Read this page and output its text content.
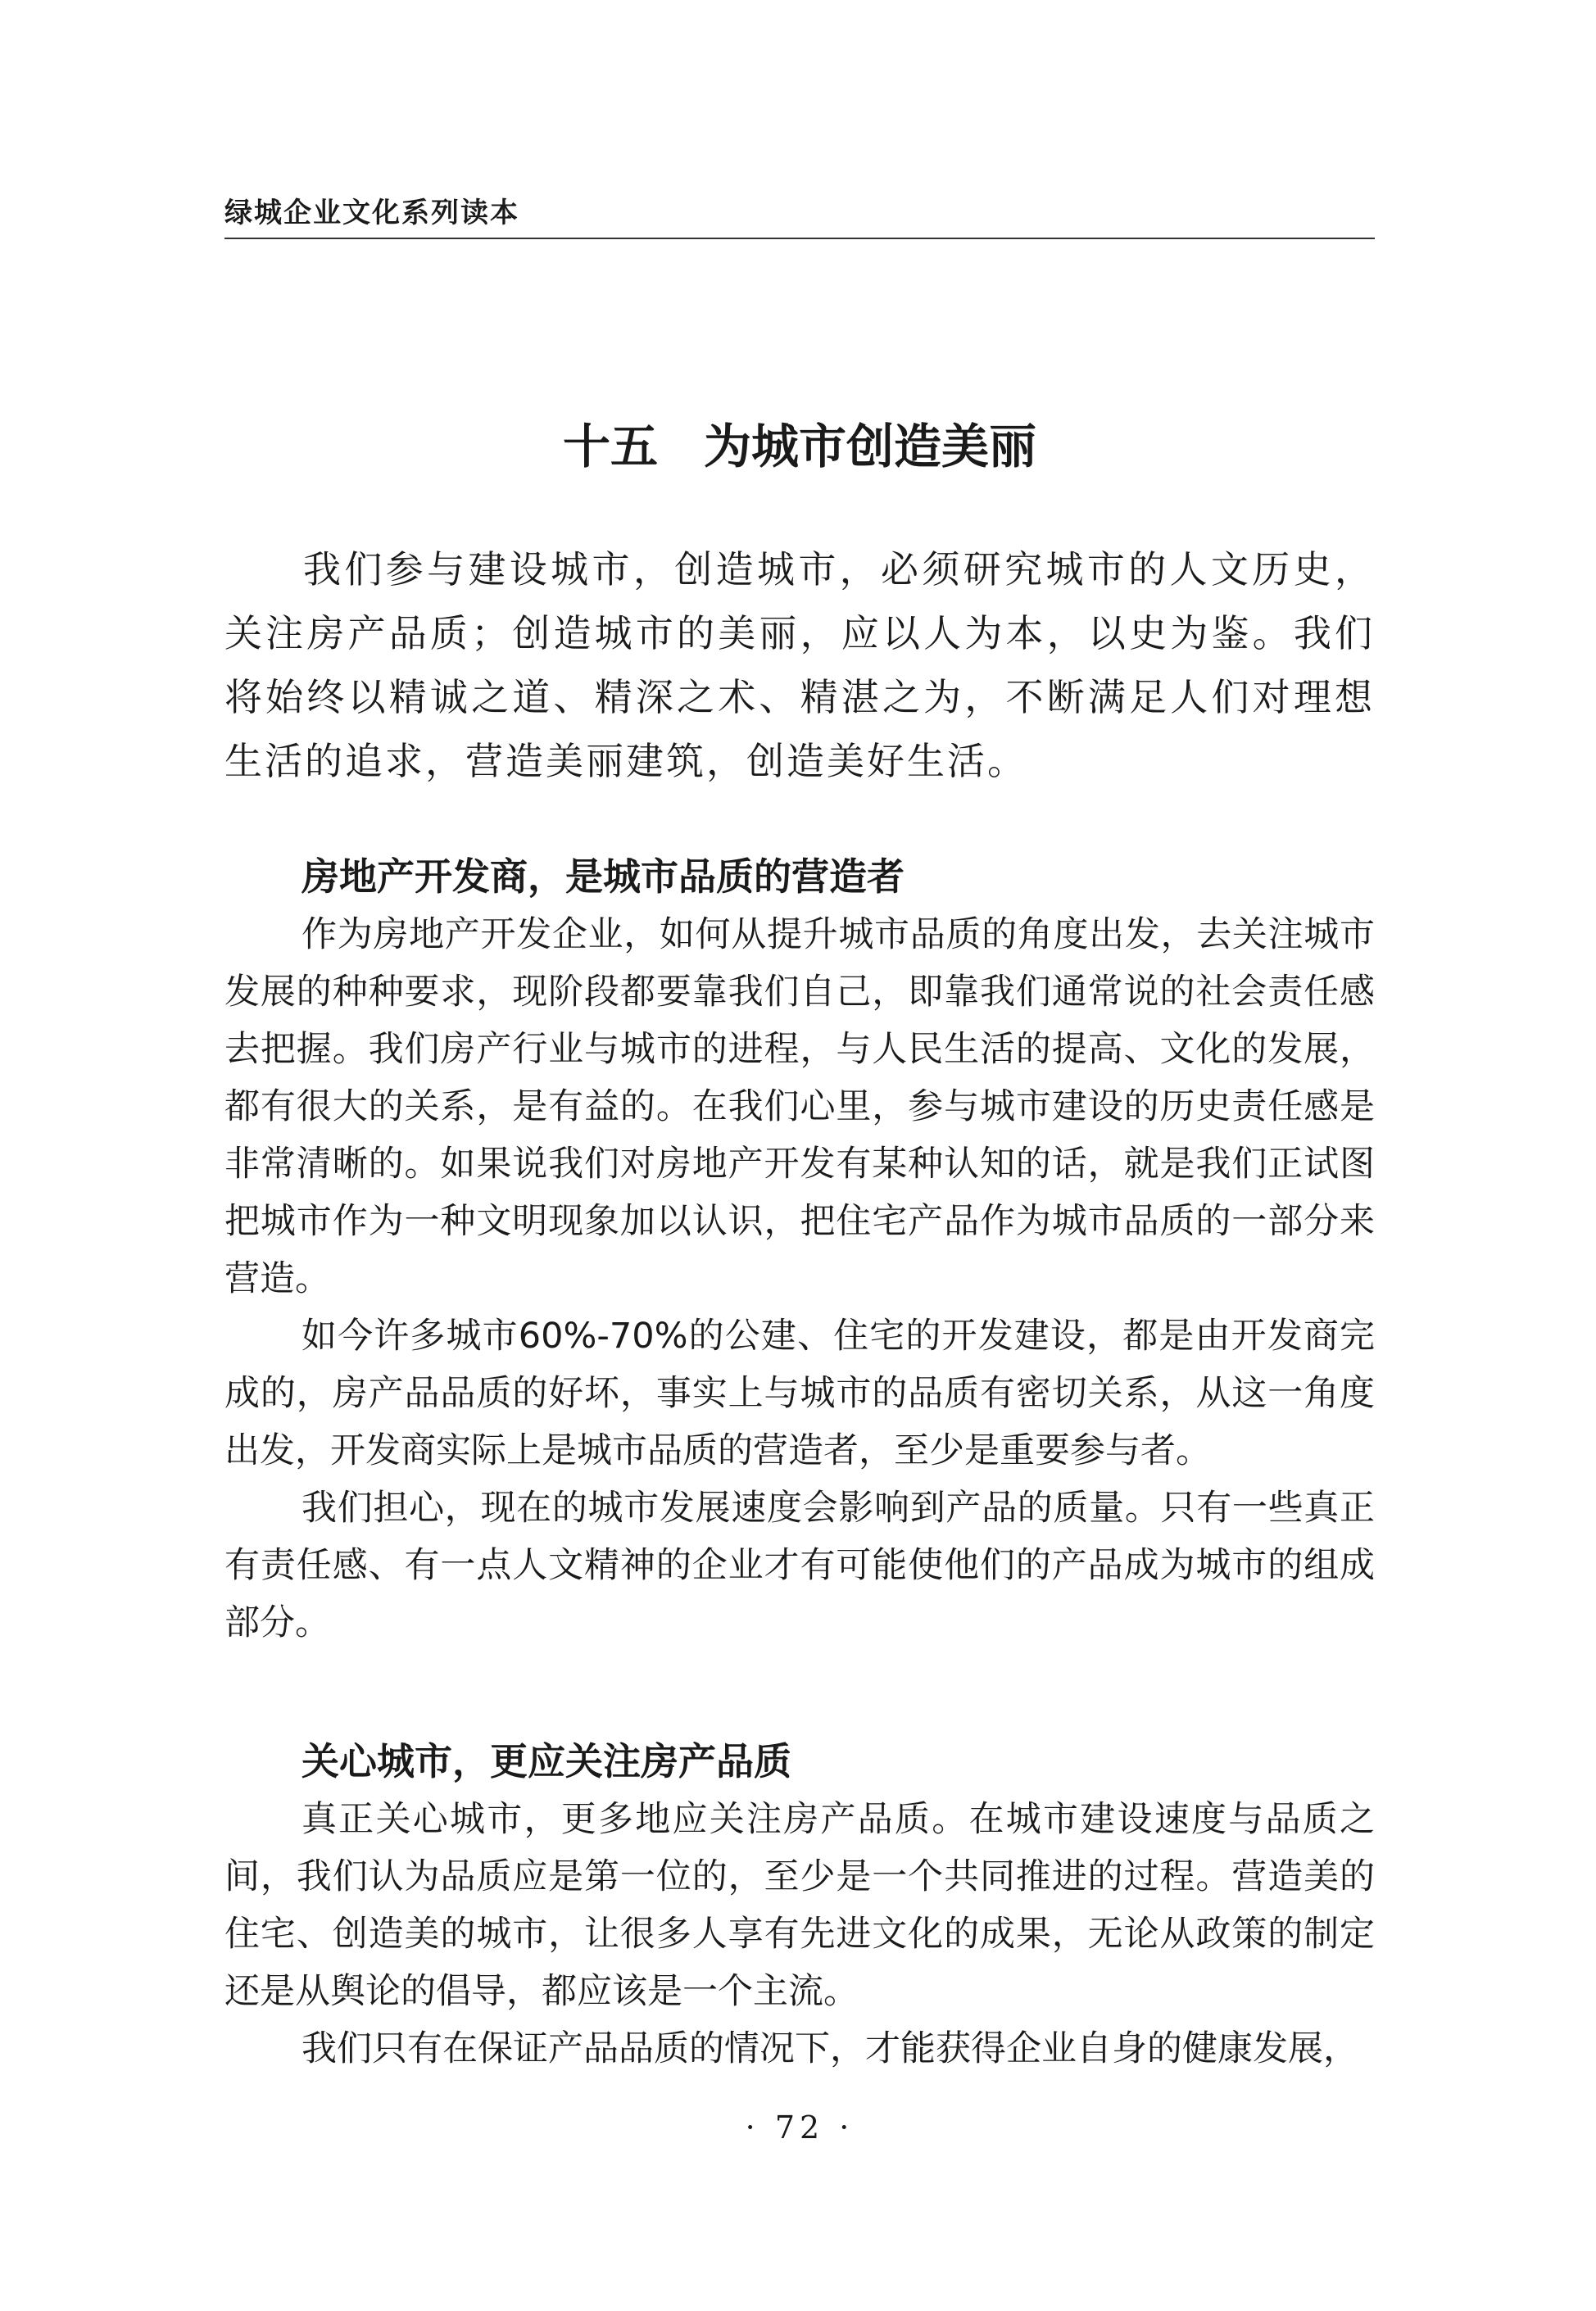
绿城企业文化系列读本
十五 为城市创造美丽

我们参与建设城市，创造城市，必须研究城市的人文历史，关注房产品质；创造城市的美丽，应以人为本，以史为鉴。我们将始终以精诚之道、精深之术、精湛之为，不断满足人们对理想生活的追求，营造美丽建筑，创造美好生活。

房地产开发商，是城市品质的营造者

作为房地产开发企业，如何从提升城市品质的角度出发，去关注城市发展的种种要求，现阶段都要靠我们自己，即靠我们通常说的社会责任感去把握。我们房产行业与城市的进程，与人民生活的提高、文化的发展，都有很大的关系，是有益的。在我们心里，参与城市建设的历史责任感是非常清晰的。如果说我们对房地产开发有某种认知的话，就是我们正试图把城市作为一种文明现象加以认识，把住宅产品作为城市品质的一部分来营造。

如今许多城市60%-70%的公建、住宅的开发建设，都是由开发商完成的，房产品品质的好坏，事实上与城市的品质有密切关系，从这一角度出发，开发商实际上是城市品质的营造者，至少是重要参与者。

我们担心，现在的城市发展速度会影响到产品的质量。只有一些真正有责任感、有一点人文精神的企业才有可能使他们的产品成为城市的组成部分。

关心城市，更应关注房产品质

真正关心城市，更多地应关注房产品质。在城市建设速度与品质之间，我们认为品质应是第一位的，至少是一个共同推进的过程。营造美的住宅、创造美的城市，让很多人享有先进文化的成果，无论从政策的制定还是从舆论的倡导，都应该是一个主流。

我们只有在保证产品品质的情况下，才能获得企业自身的健康发展，

· 72 ·
